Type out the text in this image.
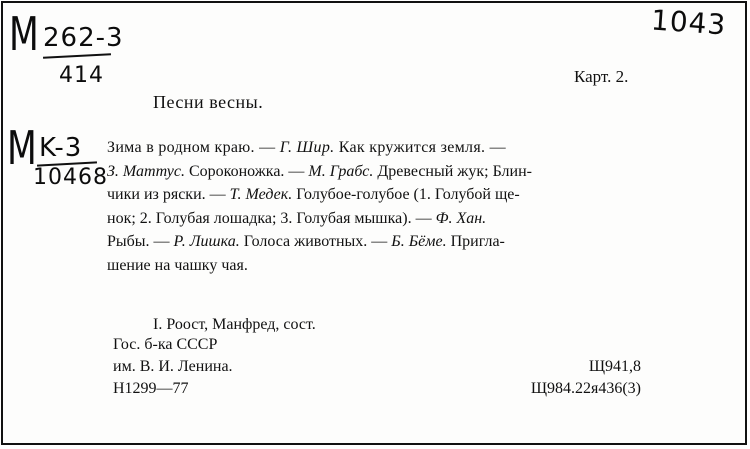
M 262-3
414
M K-3
10468
1043
Карт. 2.
Песни весны.
Зима в родном краю. — Г. Шир. Как кружится земля. —
З. Маттус. Сороконожка. — М. Грабс. Древесный жук; Блин-
чики из ряски. — Т. Медек. Голубое-голубое (1. Голубой ще-
нок; 2. Голубая лошадка; 3. Голубая мышка). — Ф. Хан.
Рыбы. — Р. Лишка. Голоса животных. — Б. Бёме. Пригла-
шение на чашку чая.
I. Роост, Манфред, сост.
Гос. б-ка СССР
им. В. И. Ленина.
Н1299—77
Щ941,8
Щ984.22я436(3)
